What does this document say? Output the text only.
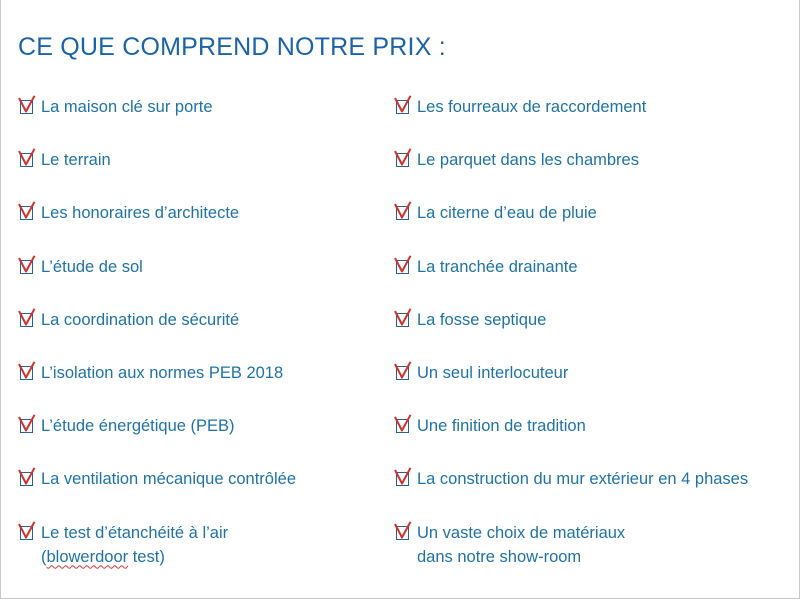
CE QUE COMPREND NOTRE PRIX :
La maison clé sur porte
Le terrain
Les honoraires d’architecte
L’étude de sol
La coordination de sécurité
L’isolation aux normes PEB 2018
L’étude énergétique (PEB)
La ventilation mécanique contrôlée
Le test d’étanchéité à l’air
(blowerdoor test)
Les fourreaux de raccordement
Le parquet dans les chambres
La citerne d’eau de pluie
La tranchée drainante
La fosse septique
Un seul interlocuteur
Une finition de tradition
La construction du mur extérieur en 4 phases
Un vaste choix de matériaux
dans notre show-room
